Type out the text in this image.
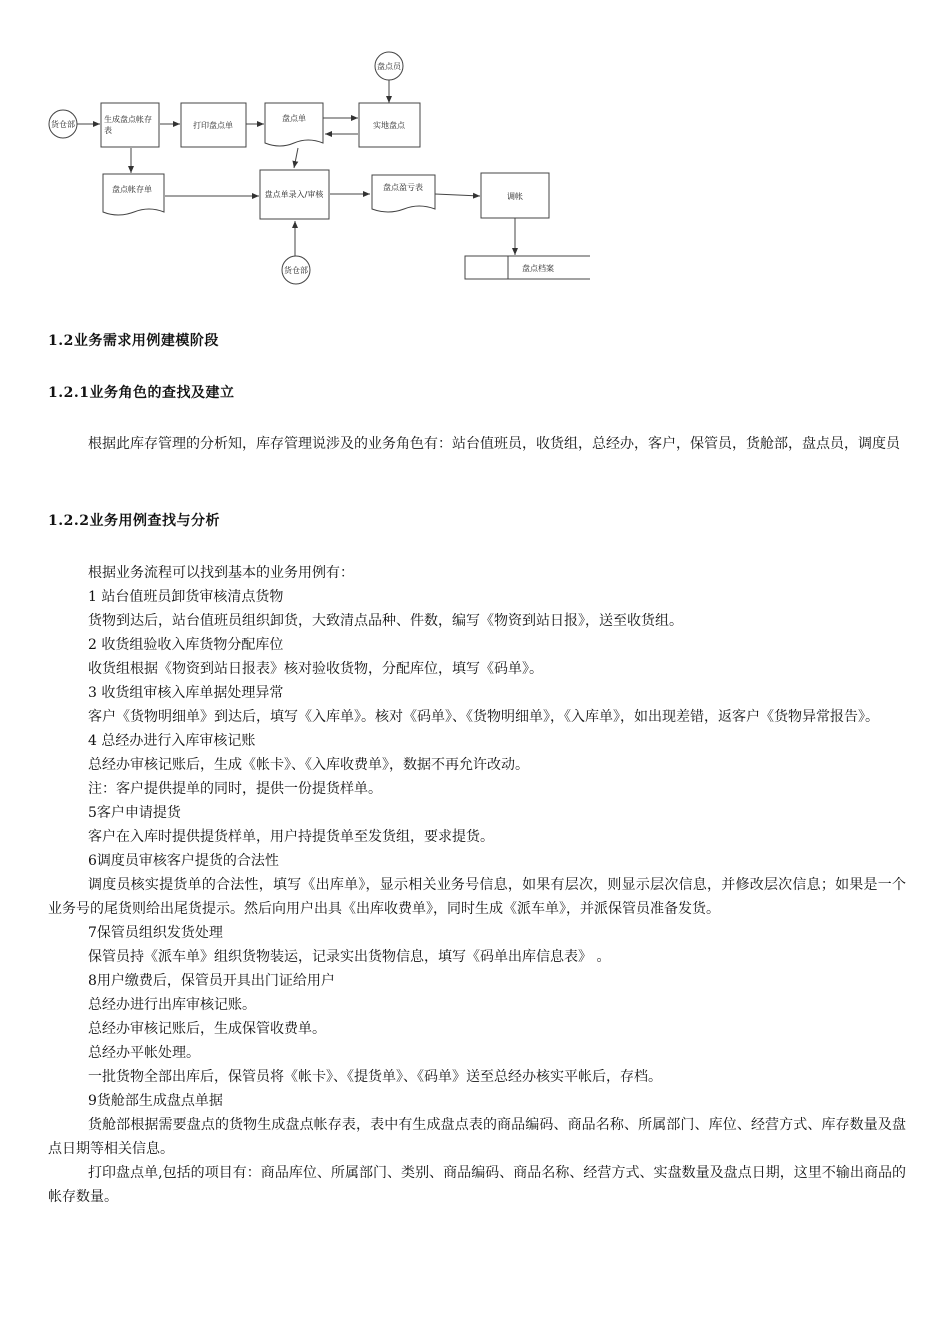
货仓部
生成盘点帐存表
打印盘点单
盘点单
实地盘点
盘点员
盘点帐存单
盘点单录入/审核
盘点盈亏表
调帐
货仓部	盘点档案
1.2业务需求用例建模阶段
1.2.1业务角色的查找及建立

根据此库存管理的分析知，库存管理说涉及的业务角色有：站台值班员，收货组，总经办，客户，保管员，货舱部，盘点员，调度员

1.2.2业务用例查找与分析

根据业务流程可以找到基本的业务用例有：

1 站台值班员卸货审核清点货物

货物到达后，站台值班员组织卸货，大致清点品种、件数，编写《物资到站日报》，送至收货组。

2 收货组验收入库货物分配库位

收货组根据《物资到站日报表》核对验收货物，分配库位，填写《码单》。

3 收货组审核入库单据处理异常

客户《货物明细单》到达后，填写《入库单》。核对《码单》、《货物明细单》，《入库单》，如出现差错，返客户《货物异常报告》。

4 总经办进行入库审核记账

总经办审核记账后，生成《帐卡》、《入库收费单》，数据不再允许改动。

注：客户提供提单的同时，提供一份提货样单。

5客户申请提货

客户在入库时提供提货样单，用户持提货单至发货组，要求提货。

6调度员审核客户提货的合法性

调度员核实提货单的合法性，填写《出库单》，显示相关业务号信息，如果有层次，则显示层次信息，并修改层次信息；如果是一个业务号的尾货则给出尾货提示。然后向用户出具《出库收费单》，同时生成《派车单》，并派保管员准备发货。

7保管员组织发货处理

保管员持《派车单》组织货物装运，记录实出货物信息，填写《码单出库信息表》 。

8用户缴费后，保管员开具出门证给用户

总经办进行出库审核记账。

总经办审核记账后，生成保管收费单。

总经办平帐处理。

一批货物全部出库后，保管员将《帐卡》、《提货单》、《码单》送至总经办核实平帐后，存档。

9货舱部生成盘点单据

货舱部根据需要盘点的货物生成盘点帐存表，表中有生成盘点表的商品编码、商品名称、所属部门、库位、经营方式、库存数量及盘点日期等相关信息。

打印盘点单,包括的项目有：商品库位、所属部门、类别、商品编码、商品名称、经营方式、实盘数量及盘点日期，这里不输出商品的帐存数量。
